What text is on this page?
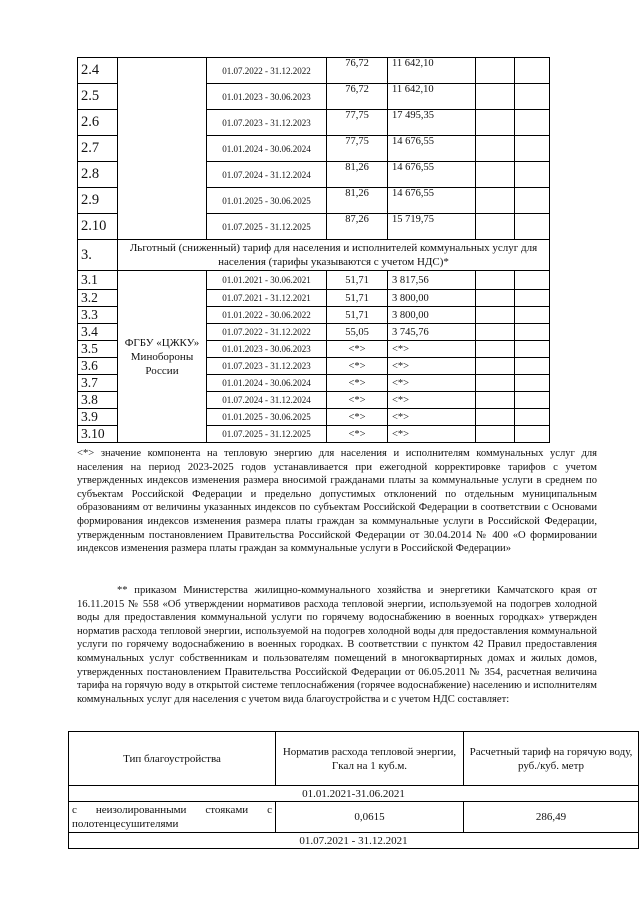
2.4		01.07.2022 - 31.12.2022	76,72	11 642,10		
2.5		01.01.2023 - 30.06.2023	76,72	11 642,10		
2.6		01.07.2023 - 31.12.2023	77,75	17 495,35		
2.7		01.01.2024 - 30.06.2024	77,75	14 676,55		
2.8		01.07.2024 - 31.12.2024	81,26	14 676,55		
2.9		01.01.2025 - 30.06.2025	81,26	14 676,55		
2.10		01.07.2025 - 31.12.2025	87,26	15 719,75		
3.	Льготный (сниженный) тариф для населения и исполнителей коммунальных услуг для населения (тарифы указываются с учетом НДС)*					
3.1	ФГБУ «ЦЖКУ» Минобороны России	01.01.2021 - 30.06.2021	51,71	3 817,56		
3.2		01.07.2021 - 31.12.2021	51,71	3 800,00		
3.3		01.01.2022 - 30.06.2022	51,71	3 800,00		
3.4		01.07.2022 - 31.12.2022	55,05	3 745,76		
3.5		01.01.2023 - 30.06.2023	<*>	<*>		
3.6		01.07.2023 - 31.12.2023	<*>	<*>		
3.7		01.01.2024 - 30.06.2024	<*>	<*>		
3.8		01.07.2024 - 31.12.2024	<*>	<*>		
3.9		01.01.2025 - 30.06.2025	<*>	<*>		
3.10		01.07.2025 - 31.12.2025	<*>	<*>		

<*> значение компонента на тепловую энергию для населения и исполнителям коммунальных услуг для населения на период 2023-2025 годов устанавливается при ежегодной корректировке тарифов с учетом утвержденных индексов изменения размера вносимой гражданами платы за коммунальные услуги в среднем по субъектам Российской Федерации и предельно допустимых отклонений по отдельным муниципальным образованиям от величины указанных индексов по субъектам Российской Федерации в соответствии с Основами формирования индексов изменения размера платы граждан за коммунальные услуги в Российской Федерации, утвержденным постановлением Правительства Российской Федерации от 30.04.2014 № 400 «О формировании индексов изменения размера платы граждан за коммунальные услуги в Российской Федерации»

** приказом Министерства жилищно-коммунального хозяйства и энергетики Камчатского края от 16.11.2015 № 558 «Об утверждении нормативов расхода тепловой энергии, используемой на подогрев холодной воды для предоставления коммунальной услуги по горячему водоснабжению в военных городках» утвержден норматив расхода тепловой энергии, используемой на подогрев холодной воды для предоставления коммунальной услуги по горячему водоснабжению в военных городках. В соответствии с пунктом 42 Правил предоставления коммунальных услуг собственникам и пользователям помещений в многоквартирных домах и жилых домов, утвержденных постановлением Правительства Российской Федерации от 06.05.2011 № 354, расчетная величина тарифа на горячую воду в открытой системе теплоснабжения (горячее водоснабжение) населению и исполнителям коммунальных услуг для населения с учетом вида благоустройства и с учетом НДС составляет:

Тип благоустройства	Норматив расхода тепловой энергии, Гкал на 1 куб.м.	Расчетный тариф на горячую воду, руб./куб. метр
01.01.2021-31.06.2021		
с неизолированными стояками с полотенцесушителями	0,0615	286,49
01.07.2021 - 31.12.2021		
